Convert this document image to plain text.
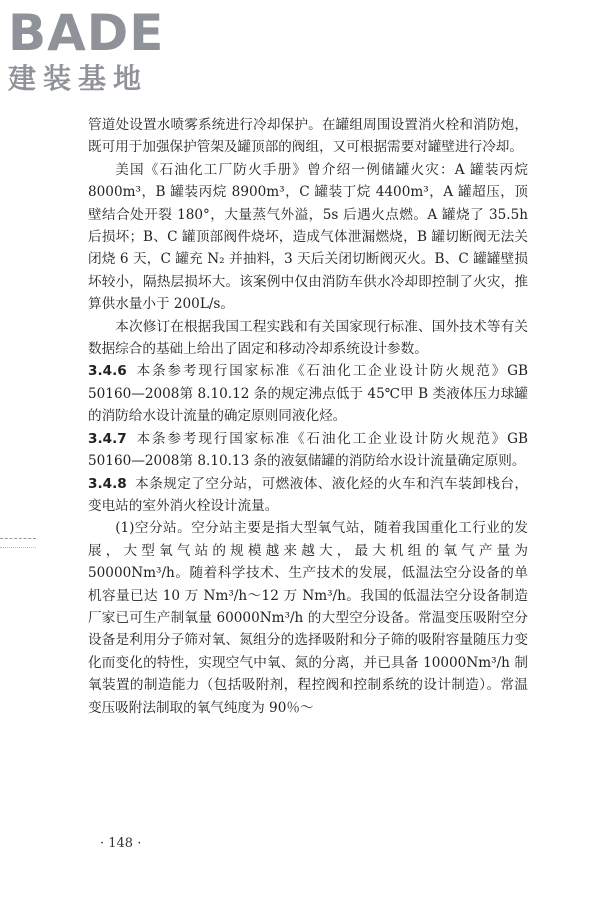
BADE
建装基地

管道处设置水喷雾系统进行冷却保护。在罐组周围设置消火栓和消防炮，既可用于加强保护管架及罐顶部的阀组，又可根据需要对罐壁进行冷却。

美国《石油化工厂防火手册》曾介绍一例储罐火灾：A 罐装丙烷 8000m³，B 罐装丙烷 8900m³，C 罐装丁烷 4400m³，A 罐超压，顶壁结合处开裂 180°，大量蒸气外溢，5s 后遇火点燃。A 罐烧了 35.5h后损坏；B、C 罐顶部阀件烧坏，造成气体泄漏燃烧，B 罐切断阀无法关闭烧 6 天，C 罐充 N₂ 并抽料，3 天后关闭切断阀灭火。B、C 罐罐壁损坏较小，隔热层损坏大。该案例中仅由消防车供水冷却即控制了火灾，推算供水量小于 200L/s。

本次修订在根据我国工程实践和有关国家现行标准、国外技术等有关数据综合的基础上给出了固定和移动冷却系统设计参数。

3.4.6 本条参考现行国家标准《石油化工企业设计防火规范》GB 50160—2008第 8.10.12 条的规定沸点低于 45℃甲 B 类液体压力球罐的消防给水设计流量的确定原则同液化烃。

3.4.7 本条参考现行国家标准《石油化工企业设计防火规范》GB 50160—2008第 8.10.13 条的液氨储罐的消防给水设计流量确定原则。

3.4.8 本条规定了空分站，可燃液体、液化烃的火车和汽车装卸栈台，变电站的室外消火栓设计流量。

(1)空分站。空分站主要是指大型氧气站，随着我国重化工行业的发展，大型氧气站的规模越来越大，最大机组的氧气产量为 50000Nm³/h。随着科学技术、生产技术的发展，低温法空分设备的单机容量已达 10 万 Nm³/h～12 万 Nm³/h。我国的低温法空分设备制造厂家已可生产制氧量 60000Nm³/h 的大型空分设备。常温变压吸附空分设备是利用分子筛对氧、氮组分的选择吸附和分子筛的吸附容量随压力变化而变化的特性，实现空气中氧、氮的分离，并已具备 10000Nm³/h 制氧装置的制造能力（包括吸附剂，程控阀和控制系统的设计制造）。常温变压吸附法制取的氧气纯度为 90％～

· 148 ·
